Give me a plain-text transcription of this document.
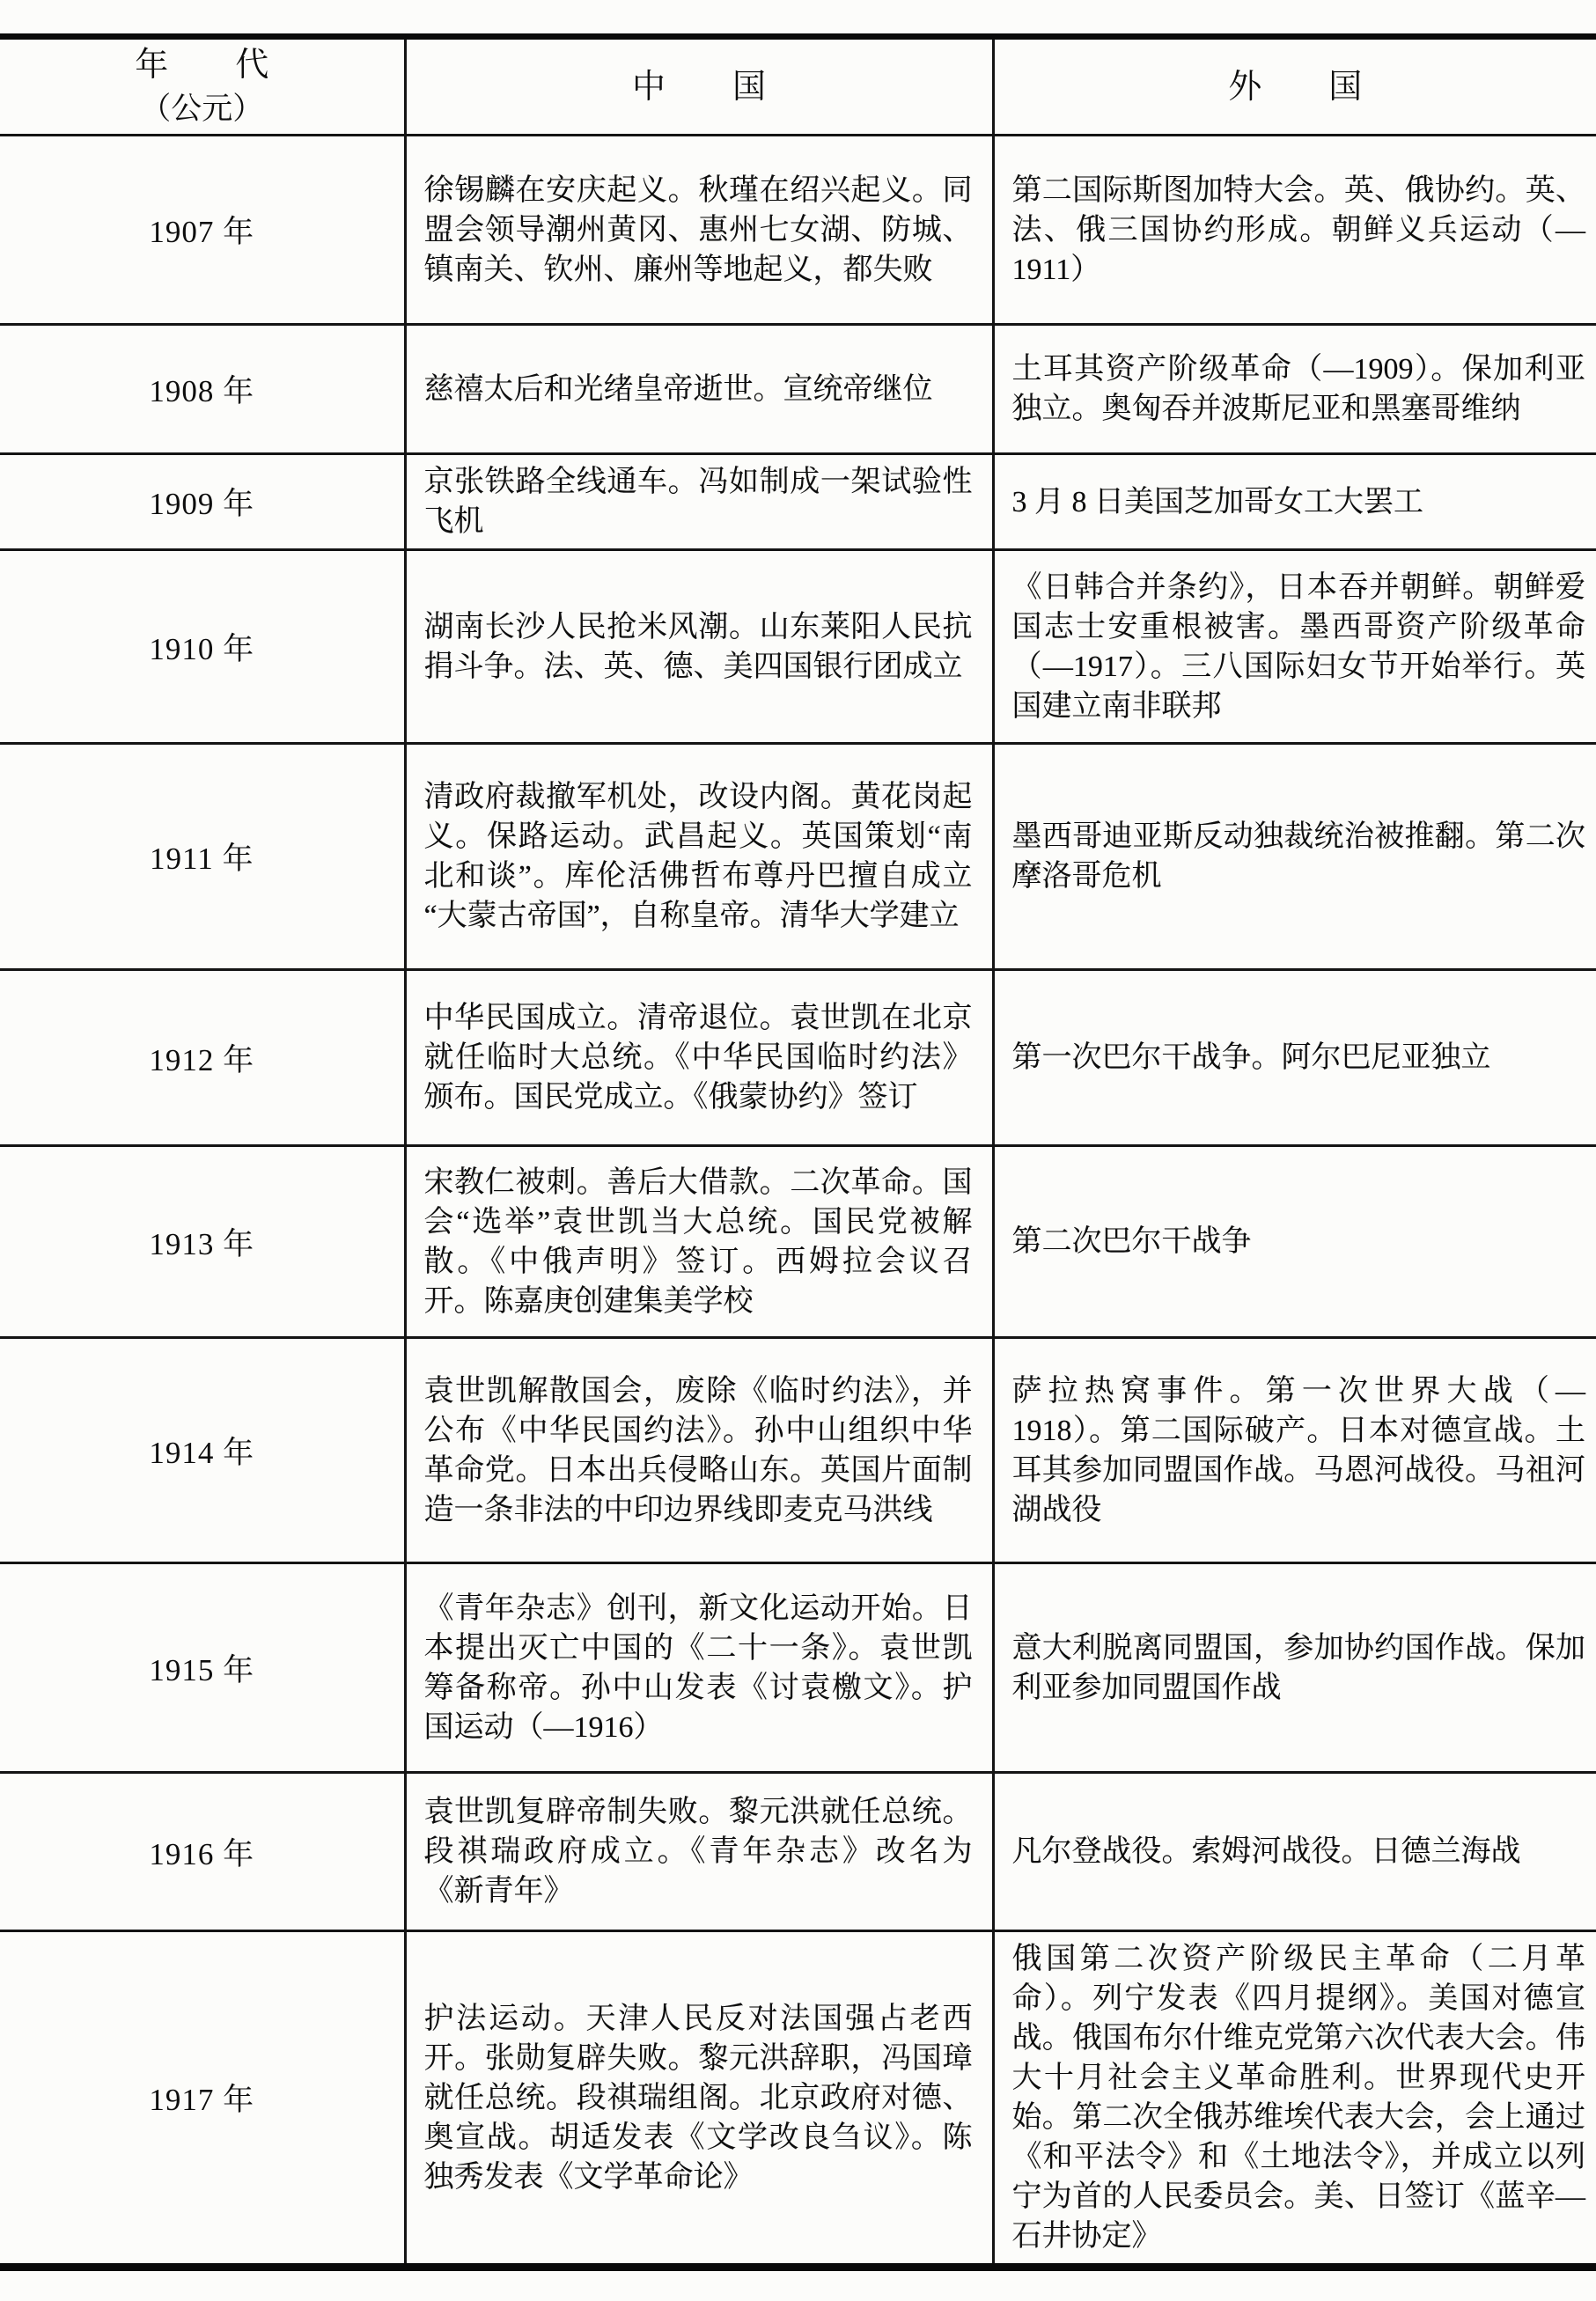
年　　代
（公元）	中　　国	外　　国
1907 年	徐锡麟在安庆起义。秋瑾在绍兴起义。同盟会领导潮州黄冈、惠州七女湖、防城、镇南关、钦州、廉州等地起义，都失败	第二国际斯图加特大会。英、俄协约。英、法、俄三国协约形成。朝鲜义兵运动（—1911）
1908 年	慈禧太后和光绪皇帝逝世。宣统帝继位	土耳其资产阶级革命（—1909）。保加利亚独立。奥匈吞并波斯尼亚和黑塞哥维纳
1909 年	京张铁路全线通车。冯如制成一架试验性飞机	3 月 8 日美国芝加哥女工大罢工
1910 年	湖南长沙人民抢米风潮。山东莱阳人民抗捐斗争。法、英、德、美四国银行团成立	《日韩合并条约》，日本吞并朝鲜。朝鲜爱国志士安重根被害。墨西哥资产阶级革命（—1917）。三八国际妇女节开始举行。英国建立南非联邦
1911 年	清政府裁撤军机处，改设内阁。黄花岗起义。保路运动。武昌起义。英国策划“南北和谈”。库伦活佛哲布尊丹巴擅自成立“大蒙古帝国”，自称皇帝。清华大学建立	墨西哥迪亚斯反动独裁统治被推翻。第二次摩洛哥危机
1912 年	中华民国成立。清帝退位。袁世凯在北京就任临时大总统。《中华民国临时约法》颁布。国民党成立。《俄蒙协约》签订	第一次巴尔干战争。阿尔巴尼亚独立
1913 年	宋教仁被刺。善后大借款。二次革命。国会“选举”袁世凯当大总统。国民党被解散。《中俄声明》签订。西姆拉会议召开。陈嘉庚创建集美学校	第二次巴尔干战争
1914 年	袁世凯解散国会，废除《临时约法》，并公布《中华民国约法》。孙中山组织中华革命党。日本出兵侵略山东。英国片面制造一条非法的中印边界线即麦克马洪线	萨拉热窝事件。第一次世界大战（—1918）。第二国际破产。日本对德宣战。土耳其参加同盟国作战。马恩河战役。马祖河湖战役
1915 年	《青年杂志》创刊，新文化运动开始。日本提出灭亡中国的《二十一条》。袁世凯筹备称帝。孙中山发表《讨袁檄文》。护国运动（—1916）	意大利脱离同盟国，参加协约国作战。保加利亚参加同盟国作战
1916 年	袁世凯复辟帝制失败。黎元洪就任总统。段祺瑞政府成立。《青年杂志》改名为《新青年》	凡尔登战役。索姆河战役。日德兰海战
1917 年	护法运动。天津人民反对法国强占老西开。张勋复辟失败。黎元洪辞职，冯国璋就任总统。段祺瑞组阁。北京政府对德、奥宣战。胡适发表《文学改良刍议》。陈独秀发表《文学革命论》	俄国第二次资产阶级民主革命（二月革命）。列宁发表《四月提纲》。美国对德宣战。俄国布尔什维克党第六次代表大会。伟大十月社会主义革命胜利。世界现代史开始。第二次全俄苏维埃代表大会，会上通过《和平法令》和《土地法令》，并成立以列宁为首的人民委员会。美、日签订《蓝辛—石井协定》
